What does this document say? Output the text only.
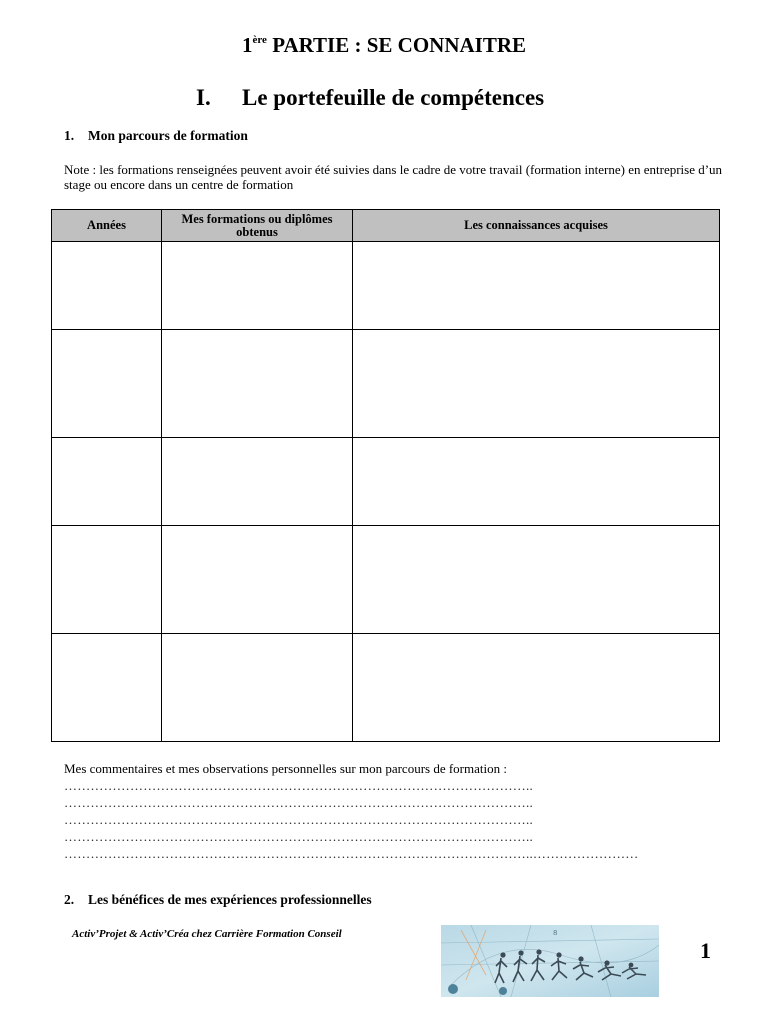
1ère PARTIE : SE CONNAITRE
I. Le portefeuille de compétences
1. Mon parcours de formation
Note : les formations renseignées peuvent avoir été suivies dans le cadre de votre travail (formation interne) en entreprise d’un stage ou encore dans un centre de formation
Années	Mes formations ou diplômes obtenus	Les connaissances acquises

Mes commentaires et mes observations personnelles sur mon parcours de formation :
……………………………………………………………………………………………..
……………………………………………………………………………………………..
……………………………………………………………………………………………..
……………………………………………………………………………………………..
……………………………………………………………………………………………..……………………
2. Les bénéfices de mes expériences professionnelles
Activ’Projet & Activ’Créa chez Carrière Formation Conseil	8
1
